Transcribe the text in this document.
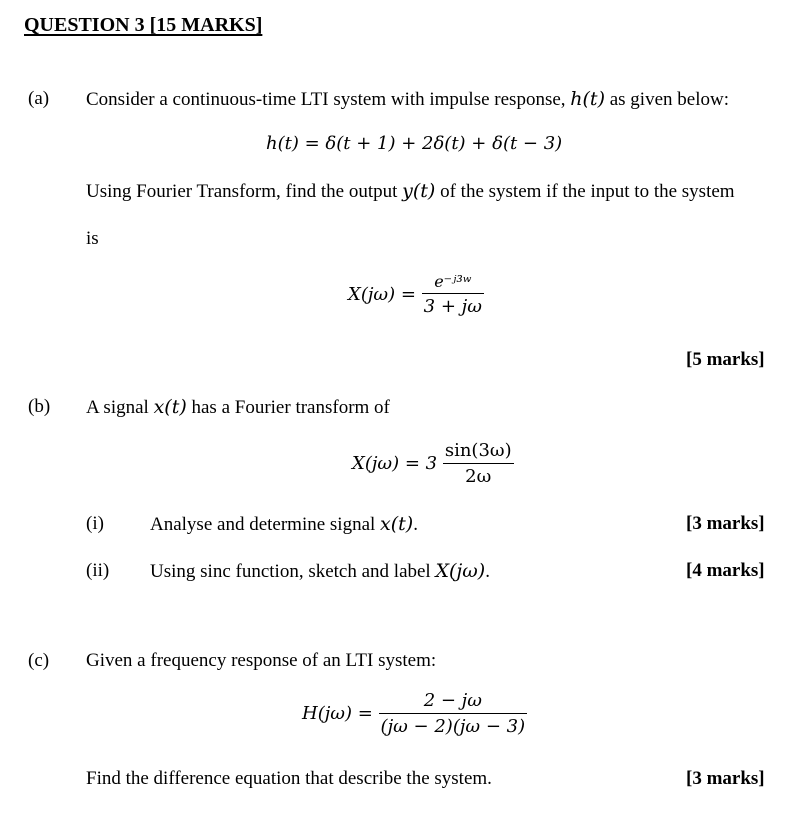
QUESTION 3 [15 MARKS]
(a) Consider a continuous-time LTI system with impulse response, h(t) as given below:
h(t) = δ(t + 1) + 2δ(t) + δ(t − 3)
Using Fourier Transform, find the output y(t) of the system if the input to the system
is
$X(j\omega) = \frac{\text{e⁻ʲ³ʷ}}{3 + j\omega}$
[5 marks]
(b) A signal x(t) has a Fourier transform of
$X(j\omega) = 3 \frac{\sin(3\omega)}{2\omega}$
(i) Analyse and determine signal x(t).	[3 marks]
(ii) Using sinc function, sketch and label X(jω).	[4 marks]
(c) Given a frequency response of an LTI system:
$H(j\omega) = \frac{2 - j\omega}{(j\omega - 2)(j\omega - 3)}$
Find the difference equation that describe the system.	[3 marks]
